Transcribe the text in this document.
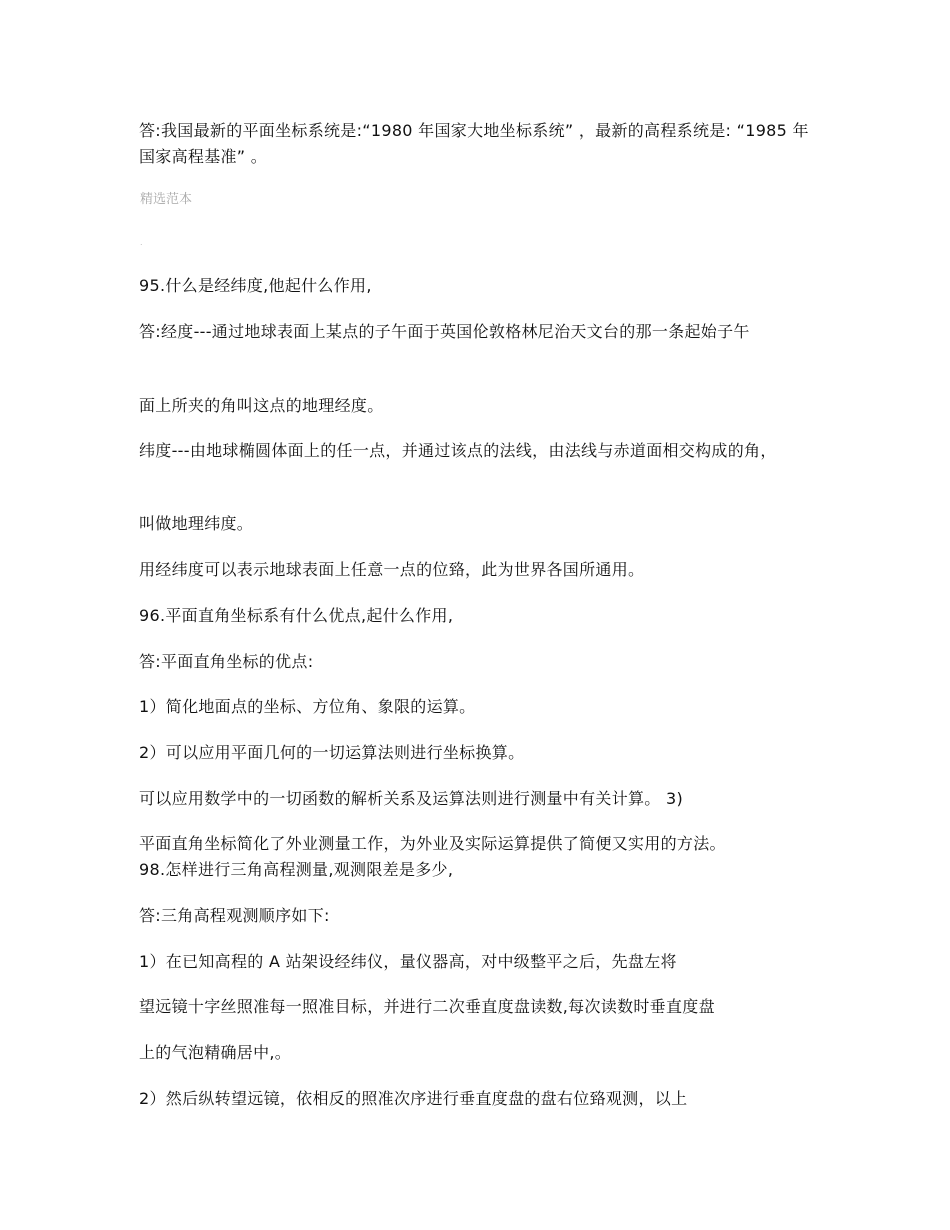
答:我国最新的平面坐标系统是:“1980 年国家大地坐标系统” ，最新的高程系统是: “1985 年国家高程基准” 。
精选范本
.
95.什么是经纬度,他起什么作用,
答:经度---通过地球表面上某点的子午面于英国伦敦格林尼治天文台的那一条起始子午
面上所夹的角叫这点的地理经度。
纬度---由地球椭圆体面上的任一点，并通过该点的法线，由法线与赤道面相交构成的角，
叫做地理纬度。
用经纬度可以表示地球表面上任意一点的位臵，此为世界各国所通用。
96.平面直角坐标系有什么优点,起什么作用,
答:平面直角坐标的优点:
1）简化地面点的坐标、方位角、象限的运算。
2）可以应用平面几何的一切运算法则进行坐标换算。
可以应用数学中的一切函数的解析关系及运算法则进行测量中有关计算。 3)
平面直角坐标简化了外业测量工作，为外业及实际运算提供了简便又实用的方法。
98.怎样进行三角高程测量,观测限差是多少,
答:三角高程观测顺序如下:
1）在已知高程的 A 站架设经纬仪，量仪器高，对中级整平之后，先盘左将
望远镜十字丝照准每一照准目标，并进行二次垂直度盘读数,每次读数时垂直度盘
上的气泡精确居中,。
2）然后纵转望远镜，依相反的照准次序进行垂直度盘的盘右位臵观测，以上
